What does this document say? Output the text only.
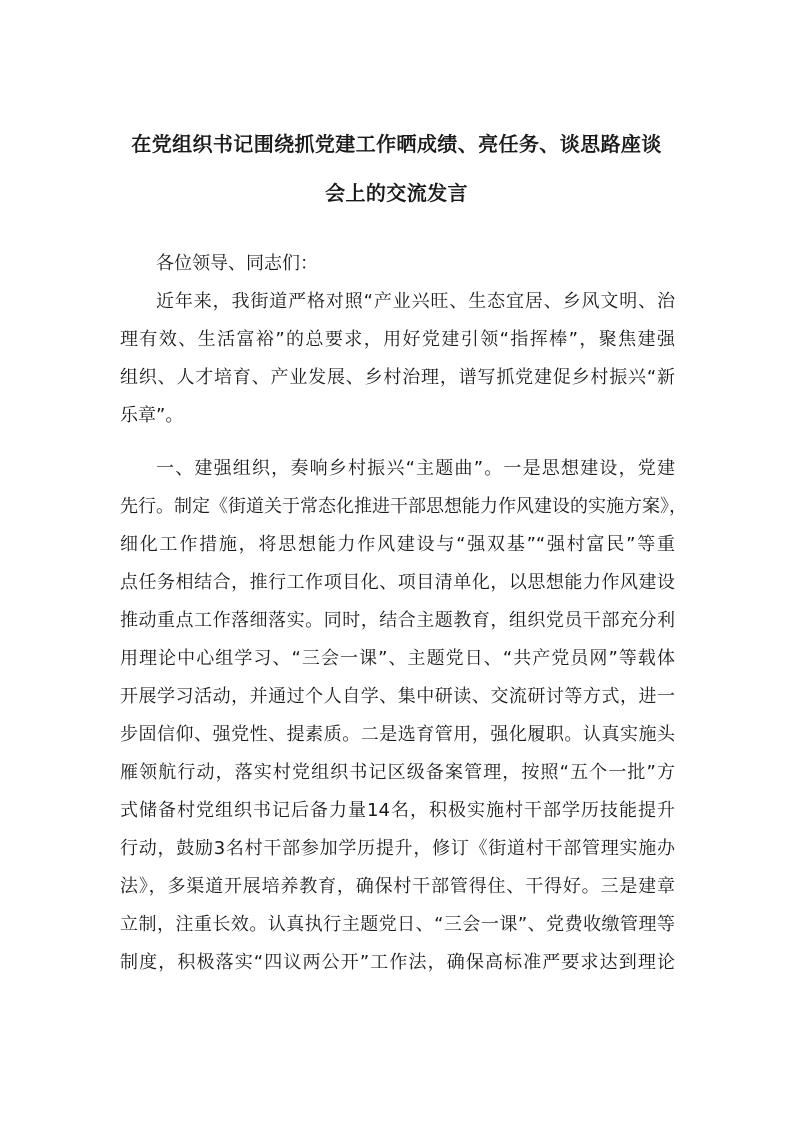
在党组织书记围绕抓党建工作晒成绩、亮任务、谈思路座谈
会上的交流发言

各位领导、同志们：

近年来，我街道严格对照“产业兴旺、生态宜居、乡风文明、治

理有效、生活富裕”的总要求，用好党建引领“指挥棒”，聚焦建强

组织、人才培育、产业发展、乡村治理，谱写抓党建促乡村振兴“新

乐章”。

一、建强组织，奏响乡村振兴“主题曲”。一是思想建设，党建

先行。制定《街道关于常态化推进干部思想能力作风建设的实施方案》，

细化工作措施，将思想能力作风建设与“强双基”“强村富民”等重

点任务相结合，推行工作项目化、项目清单化，以思想能力作风建设

推动重点工作落细落实。同时，结合主题教育，组织党员干部充分利

用理论中心组学习、“三会一课”、主题党日、“共产党员网”等载体

开展学习活动，并通过个人自学、集中研读、交流研讨等方式，进一

步固信仰、强党性、提素质。二是选育管用，强化履职。认真实施头

雁领航行动，落实村党组织书记区级备案管理，按照“五个一批”方

式储备村党组织书记后备力量14名，积极实施村干部学历技能提升

行动，鼓励3名村干部参加学历提升，修订《街道村干部管理实施办

法》，多渠道开展培养教育，确保村干部管得住、干得好。三是建章

立制，注重长效。认真执行主题党日、“三会一课”、党费收缴管理等

制度，积极落实“四议两公开”工作法，确保高标准严要求达到理论
